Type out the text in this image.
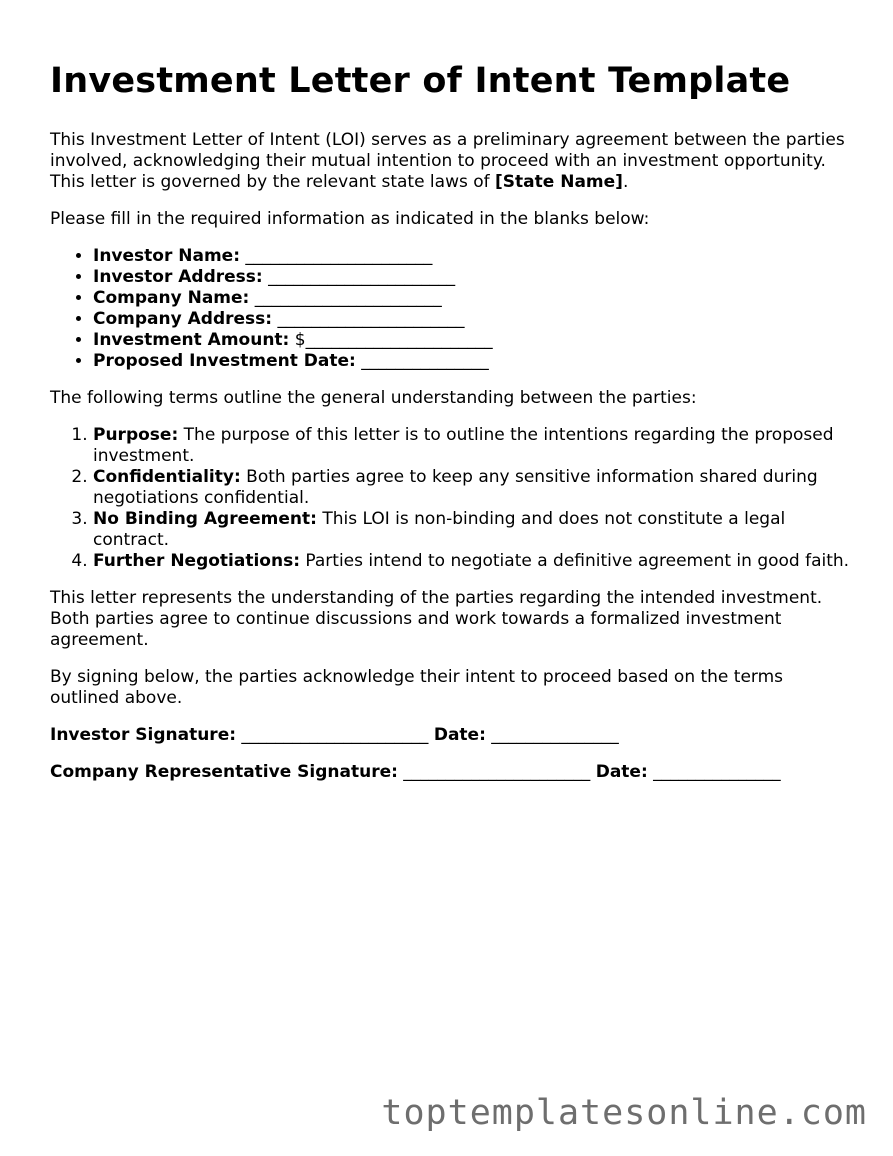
Investment Letter of Intent Template

This Investment Letter of Intent (LOI) serves as a preliminary agreement between the parties involved, acknowledging their mutual intention to proceed with an investment opportunity. This letter is governed by the relevant state laws of [State Name].

Please fill in the required information as indicated in the blanks below:

• Investor Name: ______________________
• Investor Address: ______________________
• Company Name: ______________________
• Company Address: ______________________
• Investment Amount: $______________________
• Proposed Investment Date: _______________

The following terms outline the general understanding between the parties:

1. Purpose: The purpose of this letter is to outline the intentions regarding the proposed investment.
2. Confidentiality: Both parties agree to keep any sensitive information shared during negotiations confidential.
3. No Binding Agreement: This LOI is non-binding and does not constitute a legal contract.
4. Further Negotiations: Parties intend to negotiate a definitive agreement in good faith.

This letter represents the understanding of the parties regarding the intended investment. Both parties agree to continue discussions and work towards a formalized investment agreement.

By signing below, the parties acknowledge their intent to proceed based on the terms outlined above.

Investor Signature: ______________________ Date: _______________
Company Representative Signature: ______________________ Date: _______________
toptemplatesonline.com
